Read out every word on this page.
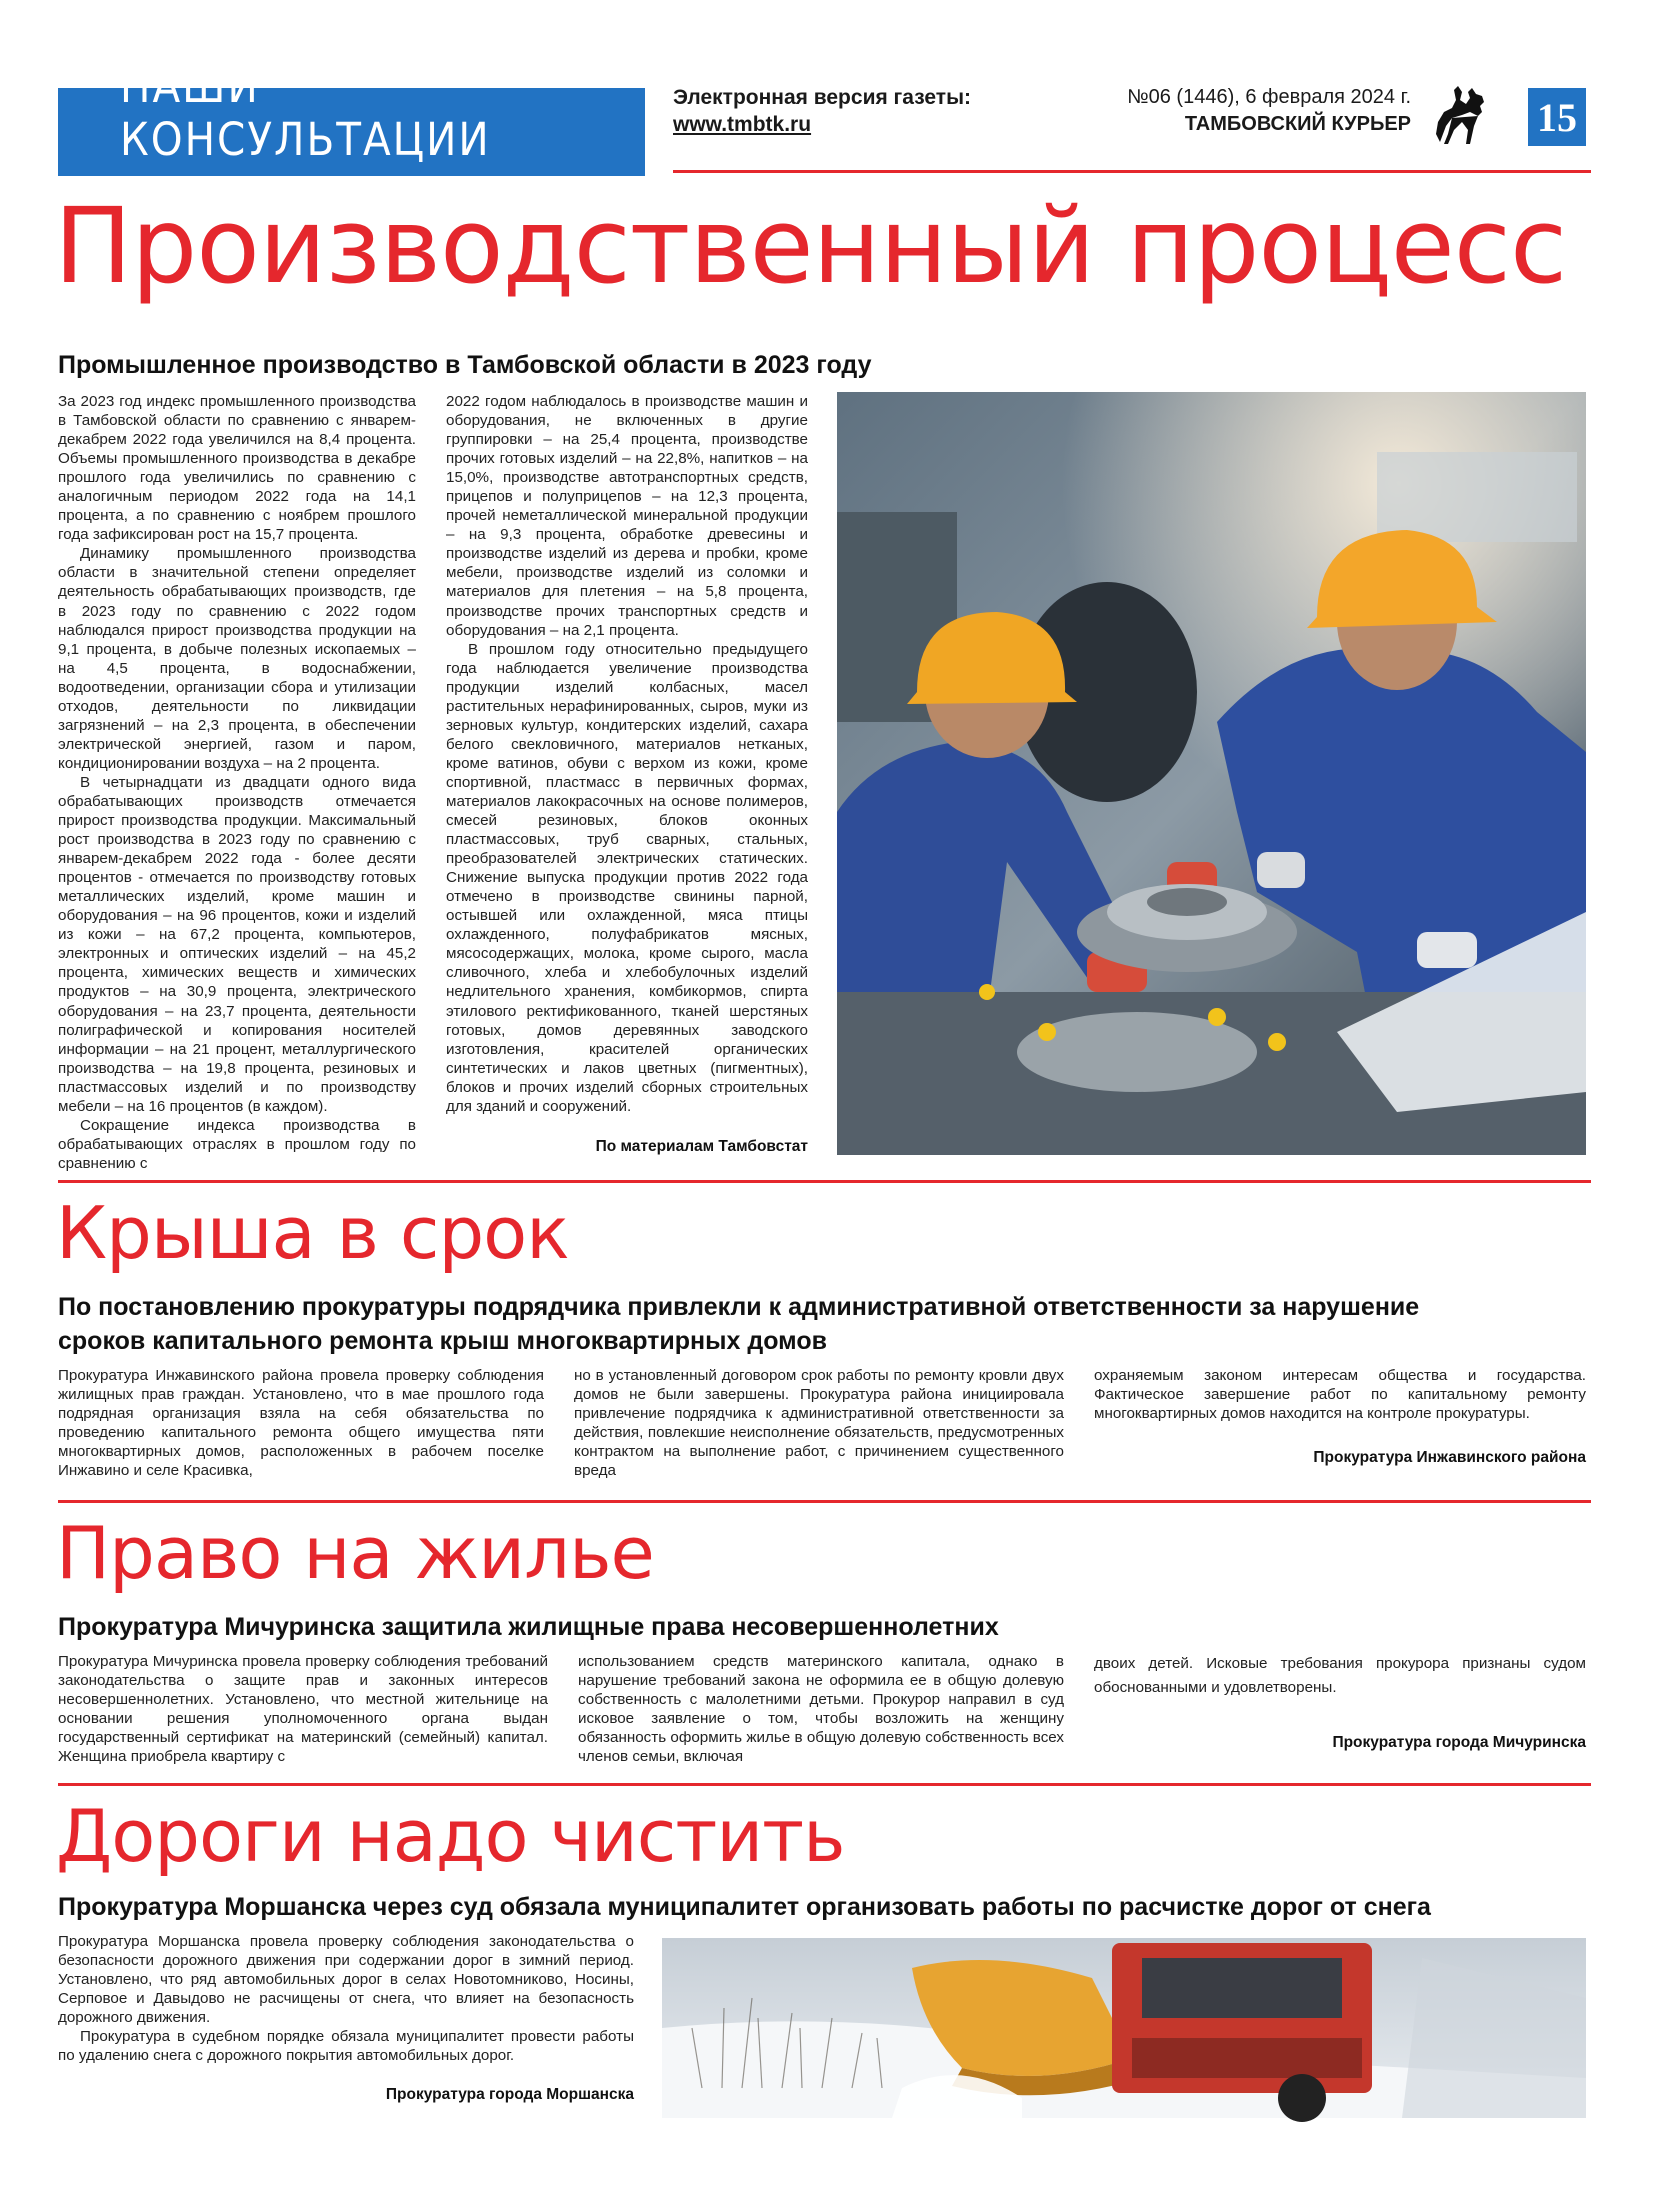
НАШИ КОНСУЛЬТАЦИИ
Электронная версия газеты:
www.tmbtk.ru
№06 (1446), 6 февраля 2024 г.
ТАМБОВСКИЙ КУРЬЕР	15
Производственный процесс
Промышленное производство в Тамбовской области в 2023 году

За 2023 год индекс промышленного производства в Тамбовской области по сравнению с январем-декабрем 2022 года увеличился на 8,4 процента. Объемы промышленного производства в декабре прошлого года увеличились по сравнению с аналогичным периодом 2022 года на 14,1 процента, а по сравнению с ноябрем прошлого года зафиксирован рост на 15,7 процента.

Динамику промышленного производства области в значительной степени определяет деятельность обрабатывающих производств, где в 2023 году по сравнению с 2022 годом наблюдался прирост производства продукции на 9,1 процента, в добыче полезных ископаемых – на 4,5 процента, в водоснабжении, водоотведении, организации сбора и утилизации отходов, деятельности по ликвидации загрязнений – на 2,3 процента, в обеспечении электрической энергией, газом и паром, кондиционировании воздуха – на 2 процента.

В четырнадцати из двадцати одного вида обрабатывающих производств отмечается прирост производства продукции. Максимальный рост производства в 2023 году по сравнению с январем-декабрем 2022 года - более десяти процентов - отмечается по производству готовых металлических изделий, кроме машин и оборудования – на 96 процентов, кожи и изделий из кожи – на 67,2 процента, компьютеров, электронных и оптических изделий – на 45,2 процента, химических веществ и химических продуктов – на 30,9 процента, электрического оборудования – на 23,7 процента, деятельности полиграфической и копирования носителей информации – на 21 процент, металлургического производства – на 19,8 процента, резиновых и пластмассовых изделий и по производству мебели – на 16 процентов (в каждом).

Сокращение индекса производства в обрабатывающих отраслях в прошлом году по сравнению с

2022 годом наблюдалось в производстве машин и оборудования, не включенных в другие группировки – на 25,4 процента, производстве прочих готовых изделий – на 22,8%, напитков – на 15,0%, производстве автотранспортных средств, прицепов и полуприцепов – на 12,3 процента, прочей неметаллической минеральной продукции – на 9,3 процента, обработке древесины и производстве изделий из дерева и пробки, кроме мебели, производстве изделий из соломки и материалов для плетения – на 5,8 процента, производстве прочих транспортных средств и оборудования – на 2,1 процента.

В прошлом году относительно предыдущего года наблюдается увеличение производства продукции изделий колбасных, масел растительных нерафинированных, сыров, муки из зерновых культур, кондитерских изделий, сахара белого свекловичного, материалов нетканых, кроме ватинов, обуви с верхом из кожи, кроме спортивной, пластмасс в первичных формах, материалов лакокрасочных на основе полимеров, смесей резиновых, блоков оконных пластмассовых, труб сварных, стальных, преобразователей электрических статических. Снижение выпуска продукции против 2022 года отмечено в производстве свинины парной, остывшей или охлажденной, мяса птицы охлажденного, полуфабрикатов мясных, мясосодержащих, молока, кроме сырого, масла сливочного, хлеба и хлебобулочных изделий недлительного хранения, комбикормов, спирта этилового ректификованного, тканей шерстяных готовых, домов деревянных заводского изготовления, красителей органических синтетических и лаков цветных (пигментных), блоков и прочих изделий сборных строительных для зданий и сооружений.

По материалам Тамбовстат
Крыша в срок
По постановлению прокуратуры подрядчика привлекли к административной ответственности за нарушение сроков капитального ремонта крыш многоквартирных домов
Прокуратура Инжавинского района провела проверку соблюдения жилищных прав граждан. Установлено, что в мае прошлого года подрядная организация взяла на себя обязательства по проведению капитального ремонта общего имущества пяти многоквартирных домов, расположенных в рабочем поселке Инжавино и селе Красивка,
но в установленный договором срок работы по ремонту кровли двух домов не были завершены. Прокуратура района инициировала привлечение подрядчика к административной ответственности за действия, повлекшие неисполнение обязательств, предусмотренных контрактом на выполнение работ, с причинением существенного вреда
охраняемым законом интересам общества и государства. Фактическое завершение работ по капитальному ремонту многоквартирных домов находится на контроле прокуратуры.
Прокуратура Инжавинского района
Право на жилье
Прокуратура Мичуринска защитила жилищные права несовершеннолетних
Прокуратура Мичуринска провела проверку соблюдения требований законодательства о защите прав и законных интересов несовершеннолетних. Установлено, что местной жительнице на основании решения уполномоченного органа выдан государственный сертификат на материнский (семейный) капитал. Женщина приобрела квартиру с
использованием средств материнского капитала, однако в нарушение требований закона не оформила ее в общую долевую собственность с малолетними детьми. Прокурор направил в суд исковое заявление о том, чтобы возложить на женщину обязанность оформить жилье в общую долевую собственность всех членов семьи, включая
двоих детей. Исковые требования прокурора признаны судом обоснованными и удовлетворены.
Прокуратура города Мичуринска
Дороги надо чистить
Прокуратура Моршанска через суд обязала муниципалитет организовать работы по расчистке дорог от снега

Прокуратура Моршанска провела проверку соблюдения законодательства о безопасности дорожного движения при содержании дорог в зимний период. Установлено, что ряд автомобильных дорог в селах Новотомниково, Носины, Серповое и Давыдово не расчищены от снега, что влияет на безопасность дорожного движения.

Прокуратура в судебном порядке обязала муниципалитет провести работы по удалению снега с дорожного покрытия автомобильных дорог.

Прокуратура города Моршанска
